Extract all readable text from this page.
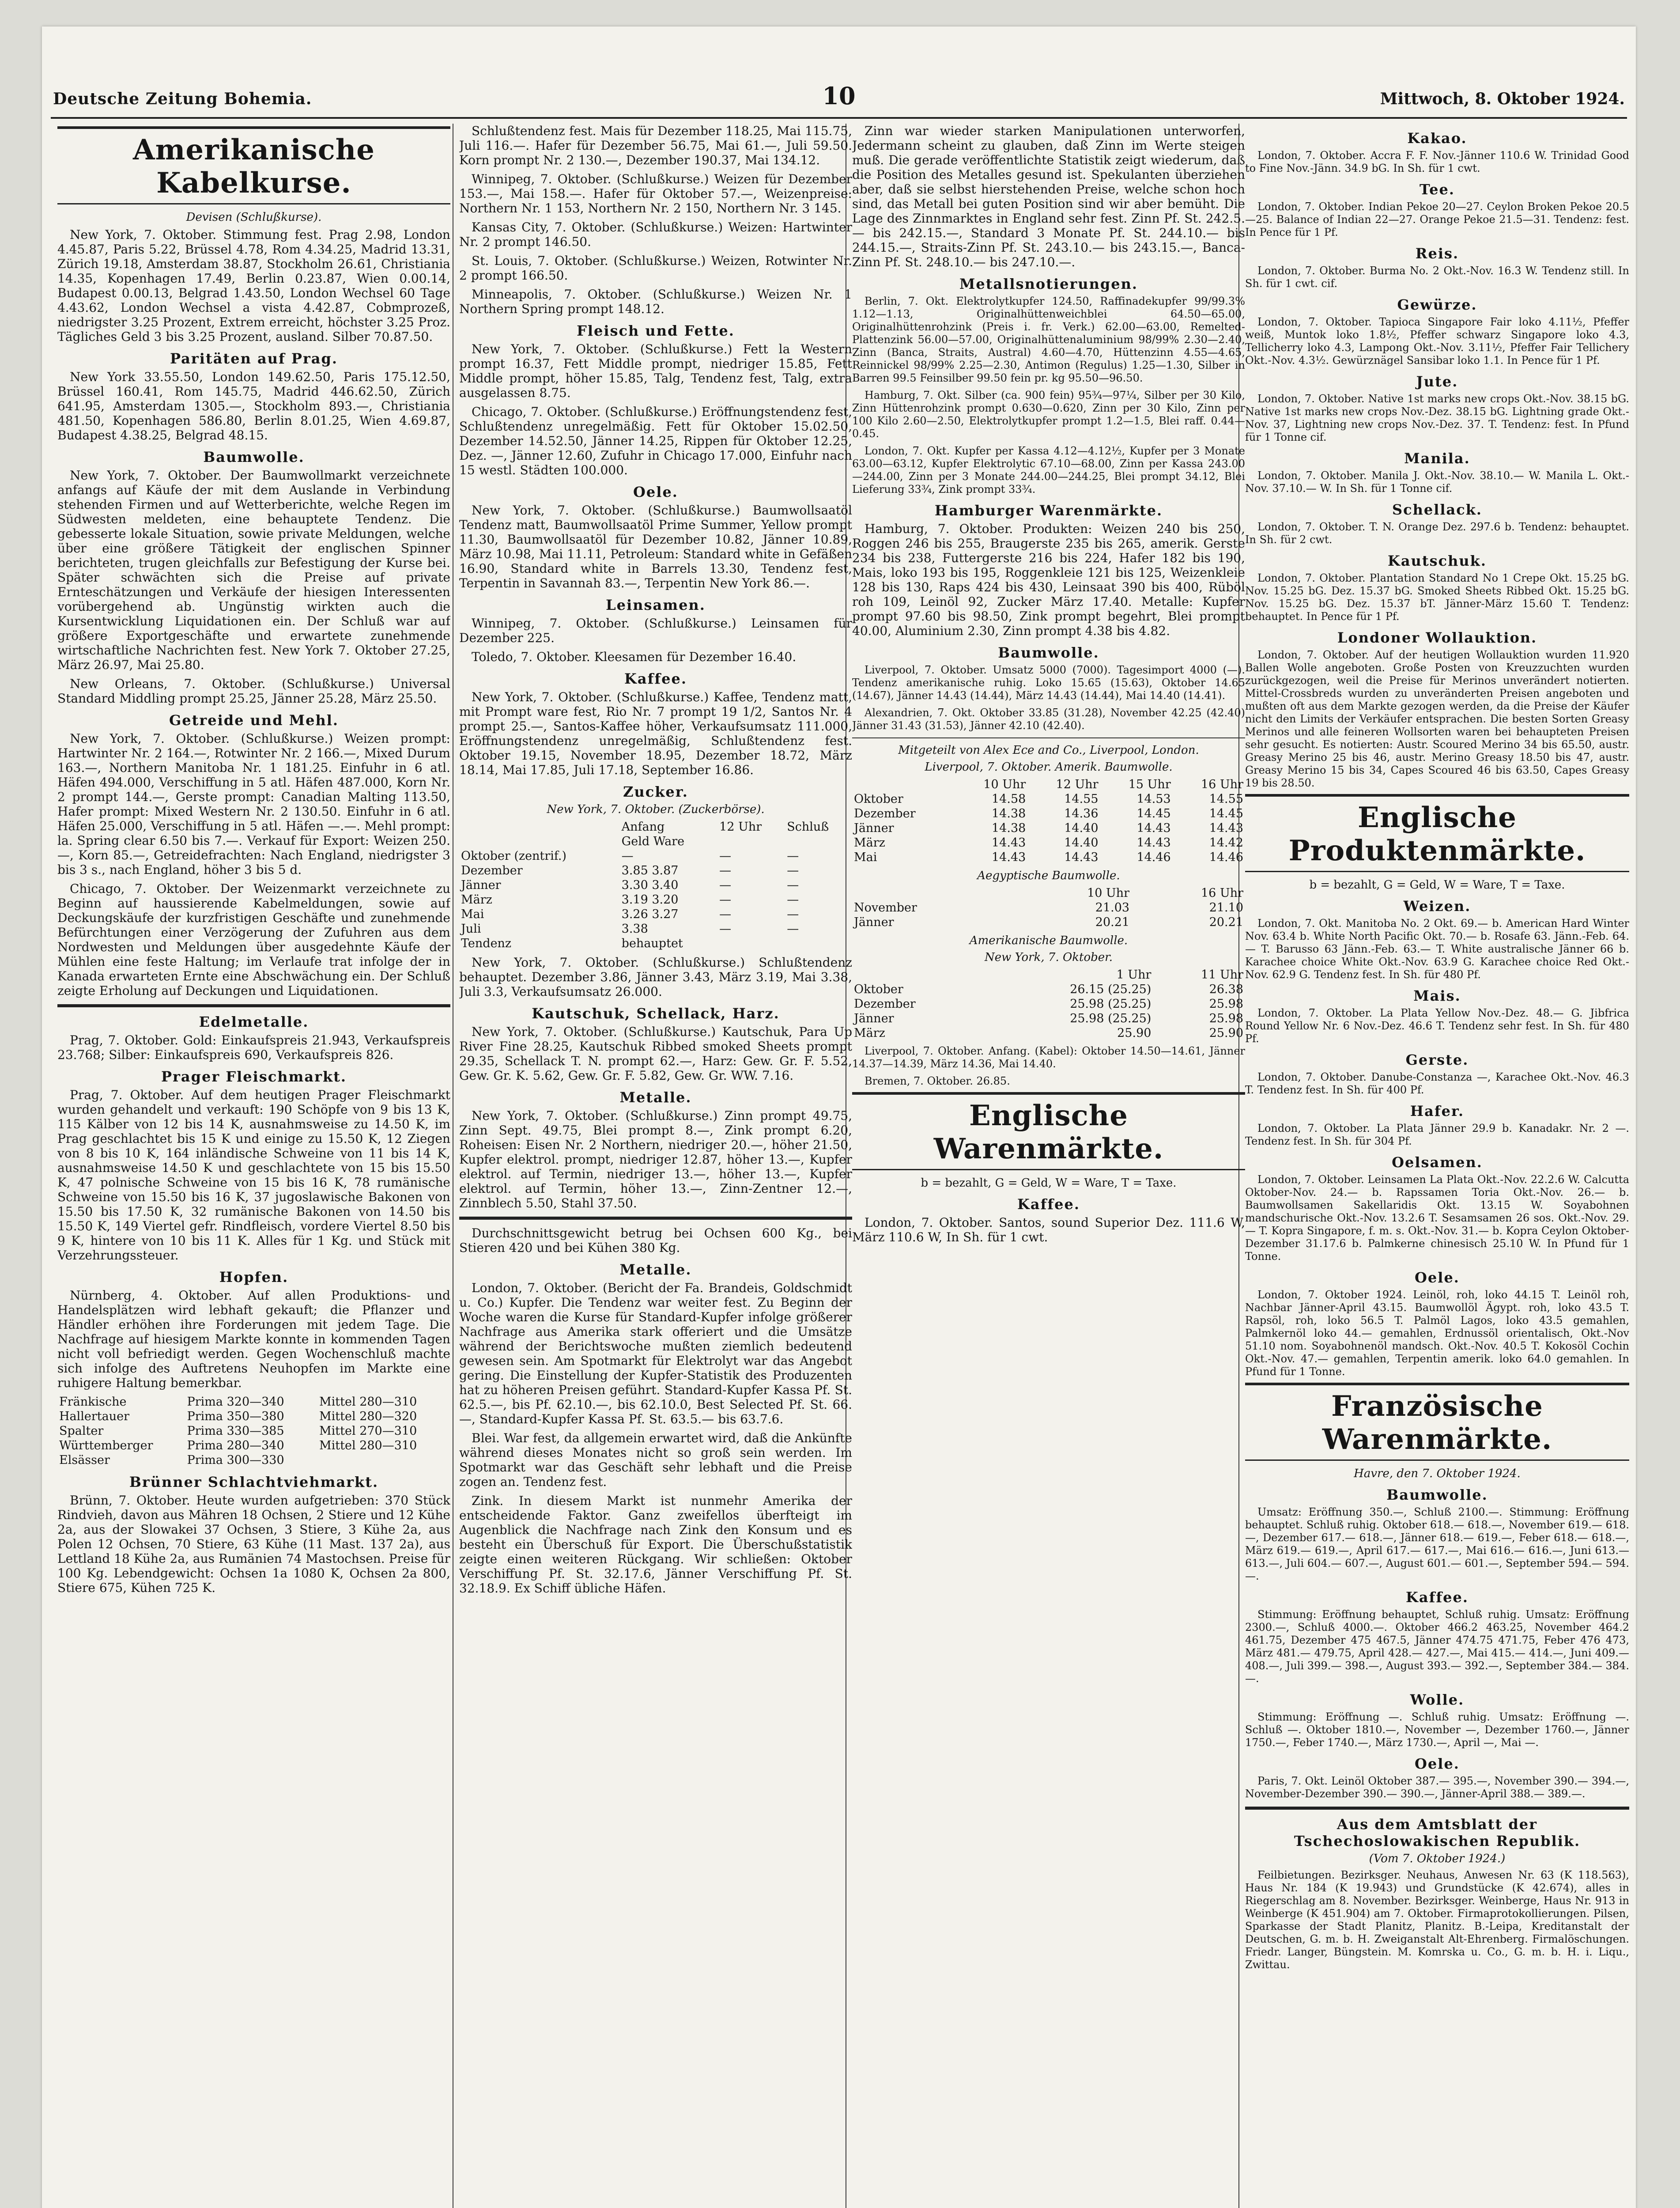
Deutsche Zeitung Bohemia.	10	Mittwoch, 8. Oktober 1924.
Amerikanische Kabelkurse.
Devisen (Schlußkurse).

New York, 7. Oktober. Stimmung fest. Prag 2.98, London 4.45.87, Paris 5.22, Brüssel 4.78, Rom 4.34.25, Madrid 13.31, Zürich 19.18, Amsterdam 38.87, Stockholm 26.61, Christiania 14.35, Kopenhagen 17.49, Berlin 0.23.87, Wien 0.00.14, Budapest 0.00.13, Belgrad 1.43.50, London Wechsel 60 Tage 4.43.62, London Wechsel a vista 4.42.87, Cobmprozeß, niedrigster 3.25 Prozent, Extrem erreicht, höchster 3.25 Proz. Tägliches Geld 3 bis 3.25 Prozent, ausland. Silber 70.87.50.

Paritäten auf Prag.

New York 33.55.50, London 149.62.50, Paris 175.12.50, Brüssel 160.41, Rom 145.75, Madrid 446.62.50, Zürich 641.95, Amsterdam 1305.—, Stockholm 893.—, Christiania 481.50, Kopenhagen 586.80, Berlin 8.01.25, Wien 4.69.87, Budapest 4.38.25, Belgrad 48.15.

Baumwolle.

New York, 7. Oktober. Der Baumwollmarkt verzeichnete anfangs auf Käufe der mit dem Auslande in Verbindung stehenden Firmen und auf Wetterberichte, welche Regen im Südwesten meldeten, eine behauptete Tendenz. Die gebesserte lokale Situation, sowie private Meldungen, welche über eine größere Tätigkeit der englischen Spinner berichteten, trugen gleichfalls zur Befestigung der Kurse bei. Später schwächten sich die Preise auf private Ernteschätzungen und Verkäufe der hiesigen Interessenten vorübergehend ab. Ungünstig wirkten auch die Kursentwicklung Liquidationen ein. Der Schluß war auf größere Exportgeschäfte und erwartete zunehmende wirtschaftliche Nachrichten fest. New York 7. Oktober 27.25, März 26.97, Mai 25.80.

New Orleans, 7. Oktober. (Schlußkurse.) Universal Standard Middling prompt 25.25, Jänner 25.28, März 25.50.

Getreide und Mehl.

New York, 7. Oktober. (Schlußkurse.) Weizen prompt: Hartwinter Nr. 2 164.—, Rotwinter Nr. 2 166.—, Mixed Durum 163.—, Northern Manitoba Nr. 1 181.25. Einfuhr in 6 atl. Häfen 494.000, Verschiffung in 5 atl. Häfen 487.000, Korn Nr. 2 prompt 144.—, Gerste prompt: Canadian Malting 113.50, Hafer prompt: Mixed Western Nr. 2 130.50. Einfuhr in 6 atl. Häfen 25.000, Verschiffung in 5 atl. Häfen —.—. Mehl prompt: la. Spring clear 6.50 bis 7.—. Verkauf für Export: Weizen 250.—, Korn 85.—, Getreidefrachten: Nach England, niedrigster 3 bis 3 s., nach England, höher 3 bis 5 d.

Chicago, 7. Oktober. Der Weizenmarkt verzeichnete zu Beginn auf haussierende Kabelmeldungen, sowie auf Deckungskäufe der kurzfristigen Geschäfte und zunehmende Befürchtungen einer Verzögerung der Zufuhren aus dem Nordwesten und Meldungen über ausgedehnte Käufe der Mühlen eine feste Haltung; im Verlaufe trat infolge der in Kanada erwarteten Ernte eine Abschwächung ein. Der Schluß zeigte Erholung auf Deckungen und Liquidationen.

Edelmetalle.

Prag, 7. Oktober. Gold: Einkaufspreis 21.943, Verkaufspreis 23.768; Silber: Einkaufspreis 690, Verkaufspreis 826.

Prager Fleischmarkt.

Prag, 7. Oktober. Auf dem heutigen Prager Fleischmarkt wurden gehandelt und verkauft: 190 Schöpfe von 9 bis 13 K, 115 Kälber von 12 bis 14 K, ausnahmsweise zu 14.50 K, im Prag geschlachtet bis 15 K und einige zu 15.50 K, 12 Ziegen von 8 bis 10 K, 164 inländische Schweine von 11 bis 14 K, ausnahmsweise 14.50 K und geschlachtete von 15 bis 15.50 K, 47 polnische Schweine von 15 bis 16 K, 78 rumänische Schweine von 15.50 bis 16 K, 37 jugoslawische Bakonen von 15.50 bis 17.50 K, 32 rumänische Bakonen von 14.50 bis 15.50 K, 149 Viertel gefr. Rindfleisch, vordere Viertel 8.50 bis 9 K, hintere von 10 bis 11 K. Alles für 1 Kg. und Stück mit Verzehrungssteuer.

Hopfen.

Nürnberg, 4. Oktober. Auf allen Produktions- und Handelsplätzen wird lebhaft gekauft; die Pflanzer und Händler erhöhen ihre Forderungen mit jedem Tage. Die Nachfrage auf hiesigem Markte konnte in kommenden Tagen nicht voll befriedigt werden. Gegen Wochenschluß machte sich infolge des Auftretens Neuhopfen im Markte eine ruhigere Haltung bemerkbar.

Fränkische	Prima 320—340	Mittel 280—310
Hallertauer	Prima 350—380	Mittel 280—320
Spalter	Prima 330—385	Mittel 270—310
Württemberger	Prima 280—340	Mittel 280—310
Elsässer	Prima 300—330	
Brünner Schlachtviehmarkt.

Brünn, 7. Oktober. Heute wurden aufgetrieben: 370 Stück Rindvieh, davon aus Mähren 18 Ochsen, 2 Stiere und 12 Kühe 2a, aus der Slowakei 37 Ochsen, 3 Stiere, 3 Kühe 2a, aus Polen 12 Ochsen, 70 Stiere, 63 Kühe (11 Mast. 137 2a), aus Lettland 18 Kühe 2a, aus Rumänien 74 Mastochsen. Preise für 100 Kg. Lebendgewicht: Ochsen 1a 1080 K, Ochsen 2a 800, Stiere 675, Kühen 725 K.

Schlußtendenz fest. Mais für Dezember 118.25, Mai 115.75, Juli 116.—. Hafer für Dezember 56.75, Mai 61.—, Juli 59.50. Korn prompt Nr. 2 130.—, Dezember 190.37, Mai 134.12.

Winnipeg, 7. Oktober. (Schlußkurse.) Weizen für Dezember 153.—, Mai 158.—. Hafer für Oktober 57.—, Weizenpreise: Northern Nr. 1 153, Northern Nr. 2 150, Northern Nr. 3 145.

Kansas City, 7. Oktober. (Schlußkurse.) Weizen: Hartwinter Nr. 2 prompt 146.50.

St. Louis, 7. Oktober. (Schlußkurse.) Weizen, Rotwinter Nr. 2 prompt 166.50.

Minneapolis, 7. Oktober. (Schlußkurse.) Weizen Nr. 1 Northern Spring prompt 148.12.

Fleisch und Fette.

New York, 7. Oktober. (Schlußkurse.) Fett la Western prompt 16.37, Fett Middle prompt, niedriger 15.85, Fett Middle prompt, höher 15.85, Talg, Tendenz fest, Talg, extra ausgelassen 8.75.

Chicago, 7. Oktober. (Schlußkurse.) Eröffnungstendenz fest, Schlußtendenz unregelmäßig. Fett für Oktober 15.02.50, Dezember 14.52.50, Jänner 14.25, Rippen für Oktober 12.25, Dez. —, Jänner 12.60, Zufuhr in Chicago 17.000, Einfuhr nach 15 westl. Städten 100.000.

Oele.

New York, 7. Oktober. (Schlußkurse.) Baumwollsaatöl Tendenz matt, Baumwollsaatöl Prime Summer, Yellow prompt 11.30, Baumwollsaatöl für Dezember 10.82, Jänner 10.89, März 10.98, Mai 11.11, Petroleum: Standard white in Gefäßen 16.90, Standard white in Barrels 13.30, Tendenz fest, Terpentin in Savannah 83.—, Terpentin New York 86.—.

Leinsamen.

Winnipeg, 7. Oktober. (Schlußkurse.) Leinsamen für Dezember 225.

Toledo, 7. Oktober. Kleesamen für Dezember 16.40.

Kaffee.

New York, 7. Oktober. (Schlußkurse.) Kaffee, Tendenz matt, mit Prompt ware fest, Rio Nr. 7 prompt 19 1/2, Santos Nr. 4 prompt 25.—, Santos-Kaffee höher, Verkaufsumsatz 111.000, Eröffnungstendenz unregelmäßig, Schlußtendenz fest. Oktober 19.15, November 18.95, Dezember 18.72, März 18.14, Mai 17.85, Juli 17.18, September 16.86.

Zucker.
New York, 7. Oktober. (Zuckerbörse).
	Anfang	12 Uhr	Schluß
	Geld Ware		
Oktober (zentrif.)	—	—	—
Dezember	3.85 3.87	—	—
Jänner	3.30 3.40	—	—
März	3.19 3.20	—	—
Mai	3.26 3.27	—	—
Juli	3.38	—	—
Tendenz	behauptet		

New York, 7. Oktober. (Schlußkurse.) Schlußtendenz behauptet. Dezember 3.86, Jänner 3.43, März 3.19, Mai 3.38, Juli 3.3, Verkaufsumsatz 26.000.

Kautschuk, Schellack, Harz.

New York, 7. Oktober. (Schlußkurse.) Kautschuk, Para Up River Fine 28.25, Kautschuk Ribbed smoked Sheets prompt 29.35, Schellack T. N. prompt 62.—, Harz: Gew. Gr. F. 5.52, Gew. Gr. K. 5.62, Gew. Gr. F. 5.82, Gew. Gr. WW. 7.16.

Metalle.

New York, 7. Oktober. (Schlußkurse.) Zinn prompt 49.75, Zinn Sept. 49.75, Blei prompt 8.—, Zink prompt 6.20, Roheisen: Eisen Nr. 2 Northern, niedriger 20.—, höher 21.50, Kupfer elektrol. prompt, niedriger 12.87, höher 13.—, Kupfer elektrol. auf Termin, niedriger 13.—, höher 13.—, Kupfer elektrol. auf Termin, höher 13.—, Zinn-Zentner 12.—, Zinnblech 5.50, Stahl 37.50.

Durchschnittsgewicht betrug bei Ochsen 600 Kg., bei Stieren 420 und bei Kühen 380 Kg.

Metalle.

London, 7. Oktober. (Bericht der Fa. Brandeis, Goldschmidt u. Co.) Kupfer. Die Tendenz war weiter fest. Zu Beginn der Woche waren die Kurse für Standard-Kupfer infolge größerer Nachfrage aus Amerika stark offeriert und die Umsätze während der Berichtswoche mußten ziemlich bedeutend gewesen sein. Am Spotmarkt für Elektrolyt war das Angebot gering. Die Einstellung der Kupfer-Statistik des Produzenten hat zu höheren Preisen geführt. Standard-Kupfer Kassa Pf. St. 62.5.—, bis Pf. 62.10.—, bis 62.10.0, Best Selected Pf. St. 66.—, Standard-Kupfer Kassa Pf. St. 63.5.— bis 63.7.6.

Blei. War fest, da allgemein erwartet wird, daß die Ankünfte während dieses Monates nicht so groß sein werden. Im Spotmarkt war das Geschäft sehr lebhaft und die Preise zogen an. Tendenz fest.

Zink. In diesem Markt ist nunmehr Amerika der entscheidende Faktor. Ganz zweifellos überfteigt im Augenblick die Nachfrage nach Zink den Konsum und es besteht ein Überschuß für Export. Die Überschußstatistik zeigte einen weiteren Rückgang. Wir schließen: Oktober Verschiffung Pf. St. 32.17.6, Jänner Verschiffung Pf. St. 32.18.9. Ex Schiff übliche Häfen.

Zinn war wieder starken Manipulationen unterworfen, Jedermann scheint zu glauben, daß Zinn im Werte steigen muß. Die gerade veröffentlichte Statistik zeigt wiederum, daß die Position des Metalles gesund ist. Spekulanten überziehen aber, daß sie selbst hierstehenden Preise, welche schon hoch sind, das Metall bei guten Position sind wir aber bemüht. Die Lage des Zinnmarktes in England sehr fest. Zinn Pf. St. 242.5.— bis 242.15.—, Standard 3 Monate Pf. St. 244.10.— bis 244.15.—, Straits-Zinn Pf. St. 243.10.— bis 243.15.—, Banca-Zinn Pf. St. 248.10.— bis 247.10.—.

Metallsnotierungen.

Berlin, 7. Okt. Elektrolytkupfer 124.50, Raffinadekupfer 99/99.3% 1.12—1.13, Originalhüttenweichblei 64.50—65.00, Originalhüttenrohzink (Preis i. fr. Verk.) 62.00—63.00, Remelted-Plattenzink 56.00—57.00, Originalhüttenaluminium 98/99% 2.30—2.40, Zinn (Banca, Straits, Austral) 4.60—4.70, Hüttenzinn 4.55—4.65, Reinnickel 98/99% 2.25—2.30, Antimon (Regulus) 1.25—1.30, Silber in Barren 99.5 Feinsilber 99.50 fein pr. kg 95.50—96.50.

Hamburg, 7. Okt. Silber (ca. 900 fein) 95¾—97¼, Silber per 30 Kilo, Zinn Hüttenrohzink prompt 0.630—0.620, Zinn per 30 Kilo, Zinn per 100 Kilo 2.60—2.50, Elektrolytkupfer prompt 1.2—1.5, Blei raff. 0.44—0.45.

London, 7. Okt. Kupfer per Kassa 4.12—4.12½, Kupfer per 3 Monate 63.00—63.12, Kupfer Elektrolytic 67.10—68.00, Zinn per Kassa 243.00—244.00, Zinn per 3 Monate 244.00—244.25, Blei prompt 34.12, Blei Lieferung 33¾, Zink prompt 33¾.

Hamburger Warenmärkte.

Hamburg, 7. Oktober. Produkten: Weizen 240 bis 250, Roggen 246 bis 255, Braugerste 235 bis 265, amerik. Gerste 234 bis 238, Futtergerste 216 bis 224, Hafer 182 bis 190, Mais, loko 193 bis 195, Roggenkleie 121 bis 125, Weizenkleie 128 bis 130, Raps 424 bis 430, Leinsaat 390 bis 400, Rüböl roh 109, Leinöl 92, Zucker März 17.40. Metalle: Kupfer prompt 97.60 bis 98.50, Zink prompt begehrt, Blei prompt 40.00, Aluminium 2.30, Zinn prompt 4.38 bis 4.82.

Baumwolle.

Liverpool, 7. Oktober. Umsatz 5000 (7000). Tagesimport 4000 (—). Tendenz amerikanische ruhig. Loko 15.65 (15.63), Oktober 14.65 (14.67), Jänner 14.43 (14.44), März 14.43 (14.44), Mai 14.40 (14.41).

Alexandrien, 7. Okt. Oktober 33.85 (31.28), November 42.25 (42.40) Jänner 31.43 (31.53), Jänner 42.10 (42.40).

Mitgeteilt von Alex Ece and Co., Liverpool, London.
Liverpool, 7. Oktober. Amerik. Baumwolle.
	10 Uhr	12 Uhr	15 Uhr	16 Uhr
Oktober	14.58	14.55	14.53	14.55
Dezember	14.38	14.36	14.45	14.45
Jänner	14.38	14.40	14.43	14.43
März	14.43	14.40	14.43	14.42
Mai	14.43	14.43	14.46	14.46
Aegyptische Baumwolle.
	10 Uhr	16 Uhr
November	21.03	21.10
Jänner	20.21	20.21
Amerikanische Baumwolle.
New York, 7. Oktober.
	1 Uhr	11 Uhr
Oktober	26.15 (25.25)	26.38
Dezember	25.98 (25.25)	25.98
Jänner	25.98 (25.25)	25.98
März	25.90	25.90

Liverpool, 7. Oktober. Anfang. (Kabel): Oktober 14.50—14.61, Jänner 14.37—14.39, März 14.36, Mai 14.40.

Bremen, 7. Oktober. 26.85.

Englische Warenmärkte.
b = bezahlt, G = Geld, W = Ware, T = Taxe.
Kaffee.

London, 7. Oktober. Santos, sound Superior Dez. 111.6 W, März 110.6 W, In Sh. für 1 cwt.

Kakao.

London, 7. Oktober. Accra F. F. Nov.-Jänner 110.6 W. Trinidad Good to Fine Nov.-Jänn. 34.9 bG. In Sh. für 1 cwt.

Tee.

London, 7. Oktober. Indian Pekoe 20—27. Ceylon Broken Pekoe 20.5—25. Balance of Indian 22—27. Orange Pekoe 21.5—31. Tendenz: fest. In Pence für 1 Pf.

Reis.

London, 7. Oktober. Burma No. 2 Okt.-Nov. 16.3 W. Tendenz still. In Sh. für 1 cwt. cif.

Gewürze.

London, 7. Oktober. Tapioca Singapore Fair loko 4.11½, Pfeffer weiß, Muntok loko 1.8½, Pfeffer schwarz Singapore loko 4.3, Tellicherry loko 4.3, Lampong Okt.-Nov. 3.11½, Pfeffer Fair Tellichery Okt.-Nov. 4.3½. Gewürznägel Sansibar loko 1.1. In Pence für 1 Pf.

Jute.

London, 7. Oktober. Native 1st marks new crops Okt.-Nov. 38.15 bG. Native 1st marks new crops Nov.-Dez. 38.15 bG. Lightning grade Okt.-Nov. 37, Lightning new crops Nov.-Dez. 37. T. Tendenz: fest. In Pfund für 1 Tonne cif.

Manila.

London, 7. Oktober. Manila J. Okt.-Nov. 38.10.— W. Manila L. Okt.-Nov. 37.10.— W. In Sh. für 1 Tonne cif.

Schellack.

London, 7. Oktober. T. N. Orange Dez. 297.6 b. Tendenz: behauptet. In Sh. für 2 cwt.

Kautschuk.

London, 7. Oktober. Plantation Standard No 1 Crepe Okt. 15.25 bG. Nov. 15.25 bG. Dez. 15.37 bG. Smoked Sheets Ribbed Okt. 15.25 bG. Nov. 15.25 bG. Dez. 15.37 bT. Jänner-März 15.60 T. Tendenz: behauptet. In Pence für 1 Pf.

Londoner Wollauktion.

London, 7. Oktober. Auf der heutigen Wollauktion wurden 11.920 Ballen Wolle angeboten. Große Posten von Kreuzzuchten wurden zurückgezogen, weil die Preise für Merinos unverändert notierten. Mittel-Crossbreds wurden zu unveränderten Preisen angeboten und mußten oft aus dem Markte gezogen werden, da die Preise der Käufer nicht den Limits der Verkäufer entsprachen. Die besten Sorten Greasy Merinos und alle feineren Wollsorten waren bei behaupteten Preisen sehr gesucht. Es notierten: Austr. Scoured Merino 34 bis 65.50, austr. Greasy Merino 25 bis 46, austr. Merino Greasy 18.50 bis 47, austr. Greasy Merino 15 bis 34, Capes Scoured 46 bis 63.50, Capes Greasy 19 bis 28.50.

Englische Produktenmärkte.
b = bezahlt, G = Geld, W = Ware, T = Taxe.
Weizen.

London, 7. Okt. Manitoba No. 2 Okt. 69.— b. American Hard Winter Nov. 63.4 b. White North Pacific Okt. 70.— b. Rosafe 63. Jänn.-Feb. 64.— T. Barusso 63 Jänn.-Feb. 63.— T. White australische Jänner 66 b. Karachee choice White Okt.-Nov. 63.9 G. Karachee choice Red Okt.-Nov. 62.9 G. Tendenz fest. In Sh. für 480 Pf.

Mais.

London, 7. Oktober. La Plata Yellow Nov.-Dez. 48.— G. Jibfrica Round Yellow Nr. 6 Nov.-Dez. 46.6 T. Tendenz sehr fest. In Sh. für 480 Pf.

Gerste.

London, 7. Oktober. Danube-Constanza —, Karachee Okt.-Nov. 46.3 T. Tendenz fest. In Sh. für 400 Pf.

Hafer.

London, 7. Oktober. La Plata Jänner 29.9 b. Kanadakr. Nr. 2 —. Tendenz fest. In Sh. für 304 Pf.

Oelsamen.

London, 7. Oktober. Leinsamen La Plata Okt.-Nov. 22.2.6 W. Calcutta Oktober-Nov. 24.— b. Rapssamen Toria Okt.-Nov. 26.— b. Baumwollsamen Sakellaridis Okt. 13.15 W. Soyabohnen mandschurische Okt.-Nov. 13.2.6 T. Sesamsamen 26 sos. Okt.-Nov. 29.— T. Kopra Singapore, f. m. s. Okt.-Nov. 31.— b. Kopra Ceylon Oktober-Dezember 31.17.6 b. Palmkerne chinesisch 25.10 W. In Pfund für 1 Tonne.

Oele.

London, 7. Oktober 1924. Leinöl, roh, loko 44.15 T. Leinöl roh, Nachbar Jänner-April 43.15. Baumwollöl Ägypt. roh, loko 43.5 T. Rapsöl, roh, loko 56.5 T. Palmöl Lagos, loko 43.5 gemahlen, Palmkernöl loko 44.— gemahlen, Erdnussöl orientalisch, Okt.-Nov 51.10 nom. Soyabohnenöl mandsch. Okt.-Nov. 40.5 T. Kokosöl Cochin Okt.-Nov. 47.— gemahlen, Terpentin amerik. loko 64.0 gemahlen. In Pfund für 1 Tonne.

Französische Warenmärkte.
Havre, den 7. Oktober 1924.
Baumwolle.

Umsatz: Eröffnung 350.—, Schluß 2100.—. Stimmung: Eröffnung behauptet. Schluß ruhig. Oktober 618.— 618.—, November 619.— 618.—, Dezember 617.— 618.—, Jänner 618.— 619.—, Feber 618.— 618.—, März 619.— 619.—, April 617.— 617.—, Mai 616.— 616.—, Juni 613.— 613.—, Juli 604.— 607.—, August 601.— 601.—, September 594.— 594.—.

Kaffee.

Stimmung: Eröffnung behauptet, Schluß ruhig. Umsatz: Eröffnung 2300.—, Schluß 4000.—. Oktober 466.2 463.25, November 464.2 461.75, Dezember 475 467.5, Jänner 474.75 471.75, Feber 476 473, März 481.— 479.75, April 428.— 427.—, Mai 415.— 414.—, Juni 409.— 408.—, Juli 399.— 398.—, August 393.— 392.—, September 384.— 384.—.

Wolle.

Stimmung: Eröffnung —. Schluß ruhig. Umsatz: Eröffnung —. Schluß —. Oktober 1810.—, November —, Dezember 1760.—, Jänner 1750.—, Feber 1740.—, März 1730.—, April —, Mai —.

Oele.

Paris, 7. Okt. Leinöl Oktober 387.— 395.—, November 390.— 394.—, November-Dezember 390.— 390.—, Jänner-April 388.— 389.—.

Aus dem Amtsblatt der Tschechoslowakischen Republik.
(Vom 7. Oktober 1924.)

Feilbietungen. Bezirksger. Neuhaus, Anwesen Nr. 63 (K 118.563), Haus Nr. 184 (K 19.943) und Grundstücke (K 42.674), alles in Riegerschlag am 8. November. Bezirksger. Weinberge, Haus Nr. 913 in Weinberge (K 451.904) am 7. Oktober. Firmaprotokollierungen. Pilsen, Sparkasse der Stadt Planitz, Planitz. B.-Leipa, Kreditanstalt der Deutschen, G. m. b. H. Zweiganstalt Alt-Ehrenberg. Firmalöschungen. Friedr. Langer, Büngstein. M. Komrska u. Co., G. m. b. H. i. Liqu., Zwittau.
